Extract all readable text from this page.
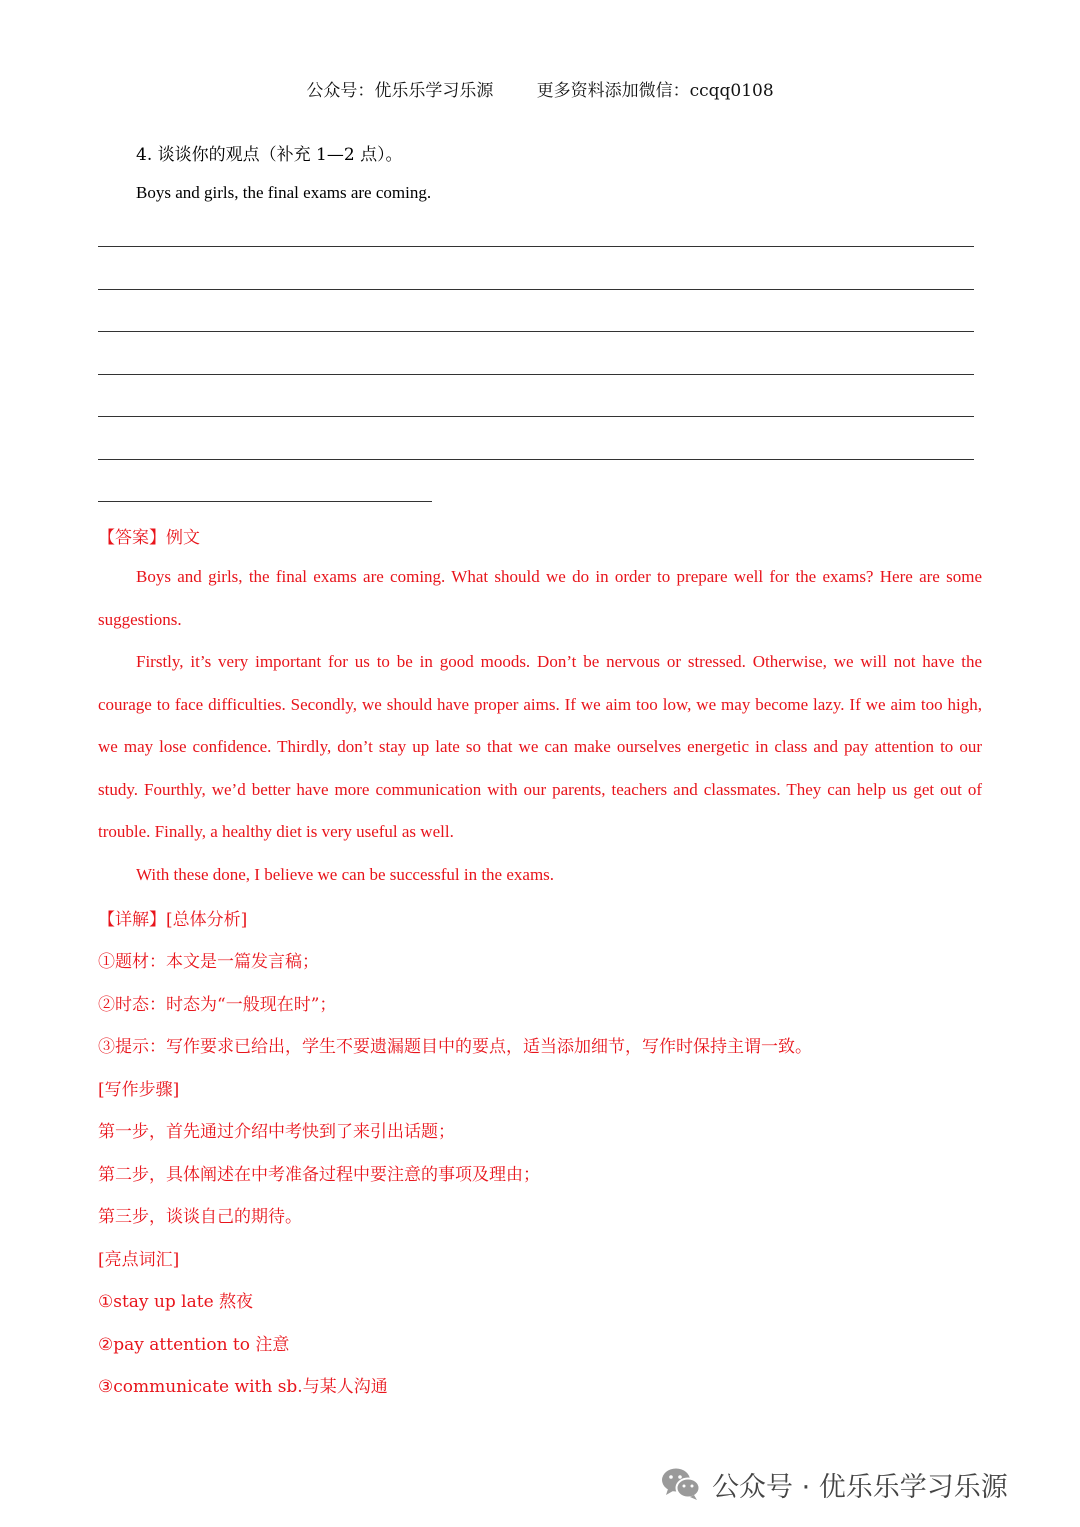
公众号：优乐乐学习乐源	更多资料添加微信：ccqq0108
4. 谈谈你的观点（补充 1—2 点）。
Boys and girls, the final exams are coming.
【答案】例文

Boys and girls, the final exams are coming. What should we do in order to prepare well for the exams? Here are some suggestions.

Firstly, it’s very important for us to be in good moods. Don’t be nervous or stressed. Otherwise, we will not have the courage to face difficulties. Secondly, we should have proper aims. If we aim too low, we may become lazy. If we aim too high, we may lose confidence. Thirdly, don’t stay up late so that we can make ourselves energetic in class and pay attention to our study. Fourthly, we’d better have more communication with our parents, teachers and classmates. They can help us get out of trouble. Finally, a healthy diet is very useful as well.

With these done, I believe we can be successful in the exams.

【详解】[总体分析]
①题材：本文是一篇发言稿；
②时态：时态为“一般现在时”；
③提示：写作要求已给出，学生不要遗漏题目中的要点，适当添加细节，写作时保持主谓一致。
[写作步骤]
第一步，首先通过介绍中考快到了来引出话题；
第二步，具体阐述在中考准备过程中要注意的事项及理由；
第三步，谈谈自己的期待。
[亮点词汇]
①stay up late 熬夜
②pay attention to 注意
③communicate with sb.与某人沟通
公众号 · 优乐乐学习乐源
